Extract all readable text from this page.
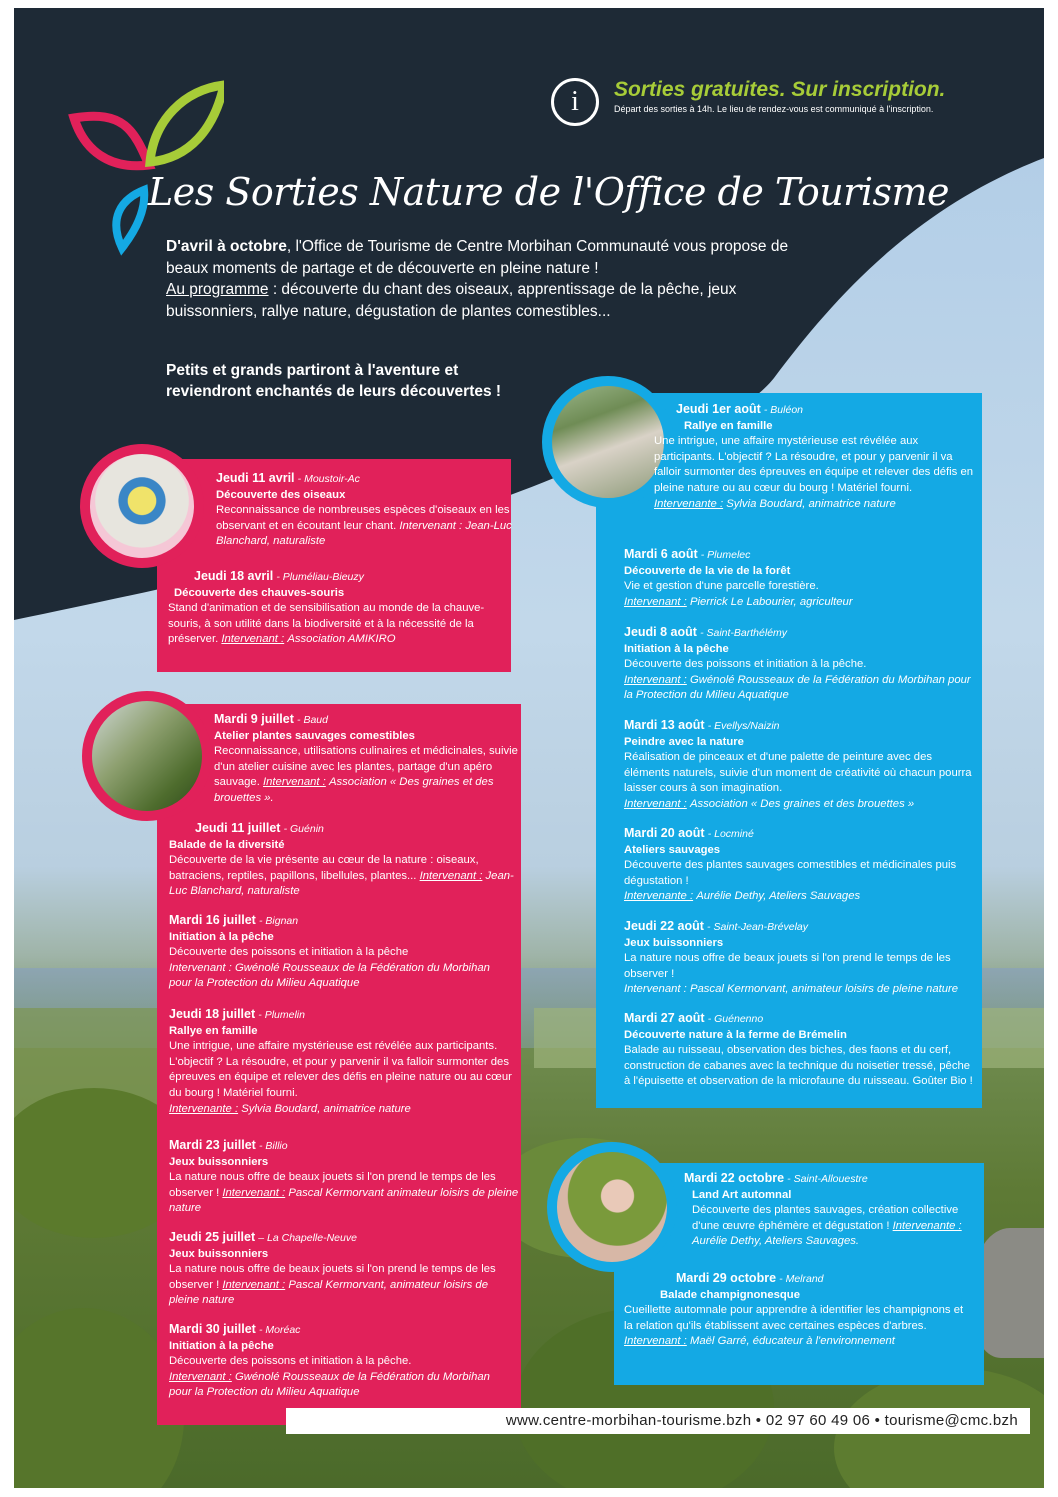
i	Sorties gratuites. Sur inscription.
Départ des sorties à 14h. Le lieu de rendez-vous est communiqué à l'inscription.
Les Sorties Nature de l'Office de Tourisme

D'avril à octobre, l'Office de Tourisme de Centre Morbihan Communauté vous propose de beaux moments de partage et de découverte en pleine nature !

Au programme : découverte du chant des oiseaux, apprentissage de la pêche, jeux buissonniers, rallye nature, dégustation de plantes comestibles...

Petits et grands partiront à l'aventure et
reviendront enchantés de leurs découvertes !
Jeudi 11 avril - Moustoir-Ac
Découverte des oiseaux
Reconnaissance de nombreuses espèces d'oiseaux en les observant et en écoutant leur chant. Intervenant : Jean-Luc Blanchard, naturaliste
Jeudi 18 avril - Pluméliau-Bieuzy
Découverte des chauves-souris
Stand d'animation et de sensibilisation au monde de la chauve-souris, à son utilité dans la biodiversité et à la nécessité de la préserver. Intervenant : Association AMIKIRO
Mardi 9 juillet - Baud
Atelier plantes sauvages comestibles
Reconnaissance, utilisations culinaires et médicinales, suivie d'un atelier cuisine avec les plantes, partage d'un apéro sauvage. Intervenant : Association « Des graines et des brouettes ».
Jeudi 11 juillet - Guénin
Balade de la diversité
Découverte de la vie présente au cœur de la nature : oiseaux, batraciens, reptiles, papillons, libellules, plantes... Intervenant : Jean-Luc Blanchard, naturaliste
Mardi 16 juillet - Bignan
Initiation à la pêche
Découverte des poissons et initiation à la pêche
Intervenant : Gwénolé Rousseaux de la Fédération du Morbihan pour la Protection du Milieu Aquatique
Jeudi 18 juillet - Plumelin
Rallye en famille
Une intrigue, une affaire mystérieuse est révélée aux participants. L'objectif ? La résoudre, et pour y parvenir il va falloir surmonter des épreuves en équipe et relever des défis en pleine nature ou au cœur du bourg ! Matériel fourni.
Intervenante : Sylvia Boudard, animatrice nature
Mardi 23 juillet - Billio
Jeux buissonniers
La nature nous offre de beaux jouets si l'on prend le temps de les observer ! Intervenant : Pascal Kermorvant animateur loisirs de pleine nature
Jeudi 25 juillet – La Chapelle-Neuve
Jeux buissonniers
La nature nous offre de beaux jouets si l'on prend le temps de les observer ! Intervenant : Pascal Kermorvant, animateur loisirs de pleine nature
Mardi 30 juillet - Moréac
Initiation à la pêche
Découverte des poissons et initiation à la pêche.
Intervenant : Gwénolé Rousseaux de la Fédération du Morbihan pour la Protection du Milieu Aquatique
Jeudi 1er août - Buléon
Rallye en famille
Une intrigue, une affaire mystérieuse est révélée aux participants. L'objectif ? La résoudre, et pour y parvenir il va falloir surmonter des épreuves en équipe et relever des défis en pleine nature ou au cœur du bourg ! Matériel fourni. Intervenante : Sylvia Boudard, animatrice nature
Mardi 6 août - Plumelec
Découverte de la vie de la forêt
Vie et gestion d'une parcelle forestière.
Intervenant : Pierrick Le Labourier, agriculteur
Jeudi 8 août - Saint-Barthélémy
Initiation à la pêche
Découverte des poissons et initiation à la pêche.
Intervenant : Gwénolé Rousseaux de la Fédération du Morbihan pour la Protection du Milieu Aquatique
Mardi 13 août - Evellys/Naizin
Peindre avec la nature
Réalisation de pinceaux et d'une palette de peinture avec des éléments naturels, suivie d'un moment de créativité où chacun pourra laisser cours à son imagination.
Intervenant : Association « Des graines et des brouettes »
Mardi 20 août - Locminé
Ateliers sauvages
Découverte des plantes sauvages comestibles et médicinales puis dégustation !
Intervenante : Aurélie Dethy, Ateliers Sauvages
Jeudi 22 août - Saint-Jean-Brévelay
Jeux buissonniers
La nature nous offre de beaux jouets si l'on prend le temps de les observer !
Intervenant : Pascal Kermorvant, animateur loisirs de pleine nature
Mardi 27 août - Guénenno
Découverte nature à la ferme de Brémelin
Balade au ruisseau, observation des biches, des faons et du cerf, construction de cabanes avec la technique du noisetier tressé, pêche à l'épuisette et observation de la microfaune du ruisseau. Goûter Bio !
Mardi 22 octobre - Saint-Allouestre
Land Art automnal
Découverte des plantes sauvages, création collective d'une œuvre éphémère et dégustation ! Intervenante : Aurélie Dethy, Ateliers Sauvages.
Mardi 29 octobre - Melrand
Balade champignonesque
Cueillette automnale pour apprendre à identifier les champignons et la relation qu'ils établissent avec certaines espèces d'arbres.
Intervenant : Maël Garré, éducateur à l'environnement
www.centre-morbihan-tourisme.bzh • 02 97 60 49 06 • tourisme@cmc.bzh
